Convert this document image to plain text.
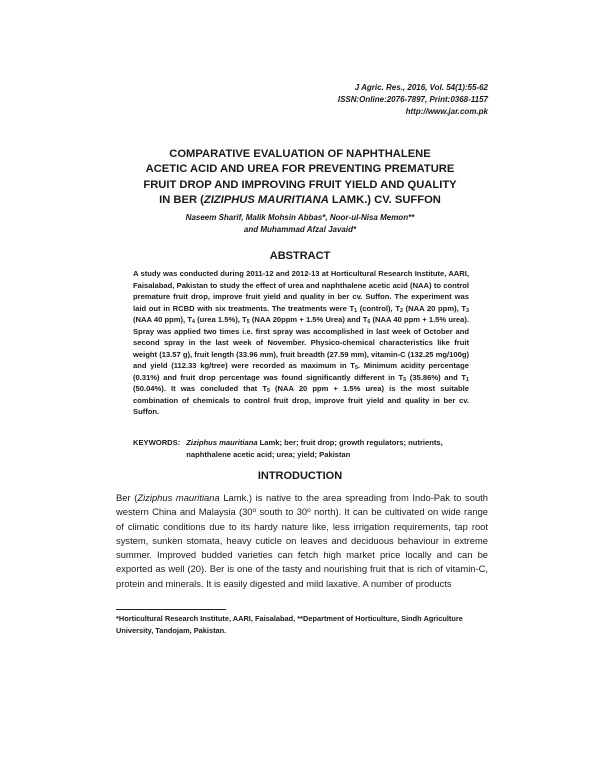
J Agric. Res., 2016, Vol. 54(1):55-62
ISSN:Online:2076-7897, Print:0368-1157
http://www.jar.com.pk
COMPARATIVE EVALUATION OF NAPHTHALENE
ACETIC ACID AND UREA FOR PREVENTING PREMATURE
FRUIT DROP AND IMPROVING FRUIT YIELD AND QUALITY
IN BER (ZIZIPHUS MAURITIANA LAMK.) CV. SUFFON
Naseem Sharif, Malik Mohsin Abbas*, Noor-ul-Nisa Memon**
and Muhammad Afzal Javaid*
ABSTRACT

A study was conducted during 2011-12 and 2012-13 at Horticultural Research Institute, AARI, Faisalabad, Pakistan to study the effect of urea and naphthalene acetic acid (NAA) to control premature fruit drop, improve fruit yield and quality in ber cv. Suffon. The experiment was laid out in RCBD with six treatments. The treatments were $T_1$ (control), $T_2$ (NAA 20 ppm), $T_3$ (NAA 40 ppm), $T_4$ (urea 1.5%), $T_5$ (NAA 20ppm + 1.5% Urea) and $T_6$ (NAA 40 ppm + 1.5% urea). Spray was applied two times i.e. first spray was accomplished in last week of October and second spray in the last week of November. Physico-chemical characteristics like fruit weight (13.57 g), fruit length (33.96 mm), fruit breadth (27.59 mm), vitamin-C (132.25 mg/100g) and yield (112.33 kg/tree) were recorded as maximum in $T_5$. Minimum acidity percentage (0.31%) and fruit drop percentage was found significantly different in $T_5$ (35.86%) and $T_1$ (50.04%). It was concluded that $T_5$ (NAA 20 ppm + 1.5% urea) is the most suitable combination of chemicals to control fruit drop, improve fruit yield and quality in ber cv. Suffon.

KEYWORDS: Ziziphus mauritiana Lamk; ber; fruit drop; growth regulators; nutrients, naphthalene acetic acid; urea; yield; Pakistan
INTRODUCTION

Ber (Ziziphus mauritiana Lamk.) is native to the area spreading from Indo-Pak to south western China and Malaysia (30$^o$ south to 30$^o$ north). It can be cultivated on wide range of climatic conditions due to its hardy nature like, less irrigation requirements, tap root system, sunken stomata, heavy cuticle on leaves and deciduous behaviour in extreme summer. Improved budded varieties can fetch high market price locally and can be exported as well (20). Ber is one of the tasty and nourishing fruit that is rich of vitamin-C, protein and minerals. It is easily digested and mild laxative. A number of products

*Horticultural Research Institute, AARI, Faisalabad, **Department of Horticulture, Sindh Agriculture University, Tandojam, Pakistan.
